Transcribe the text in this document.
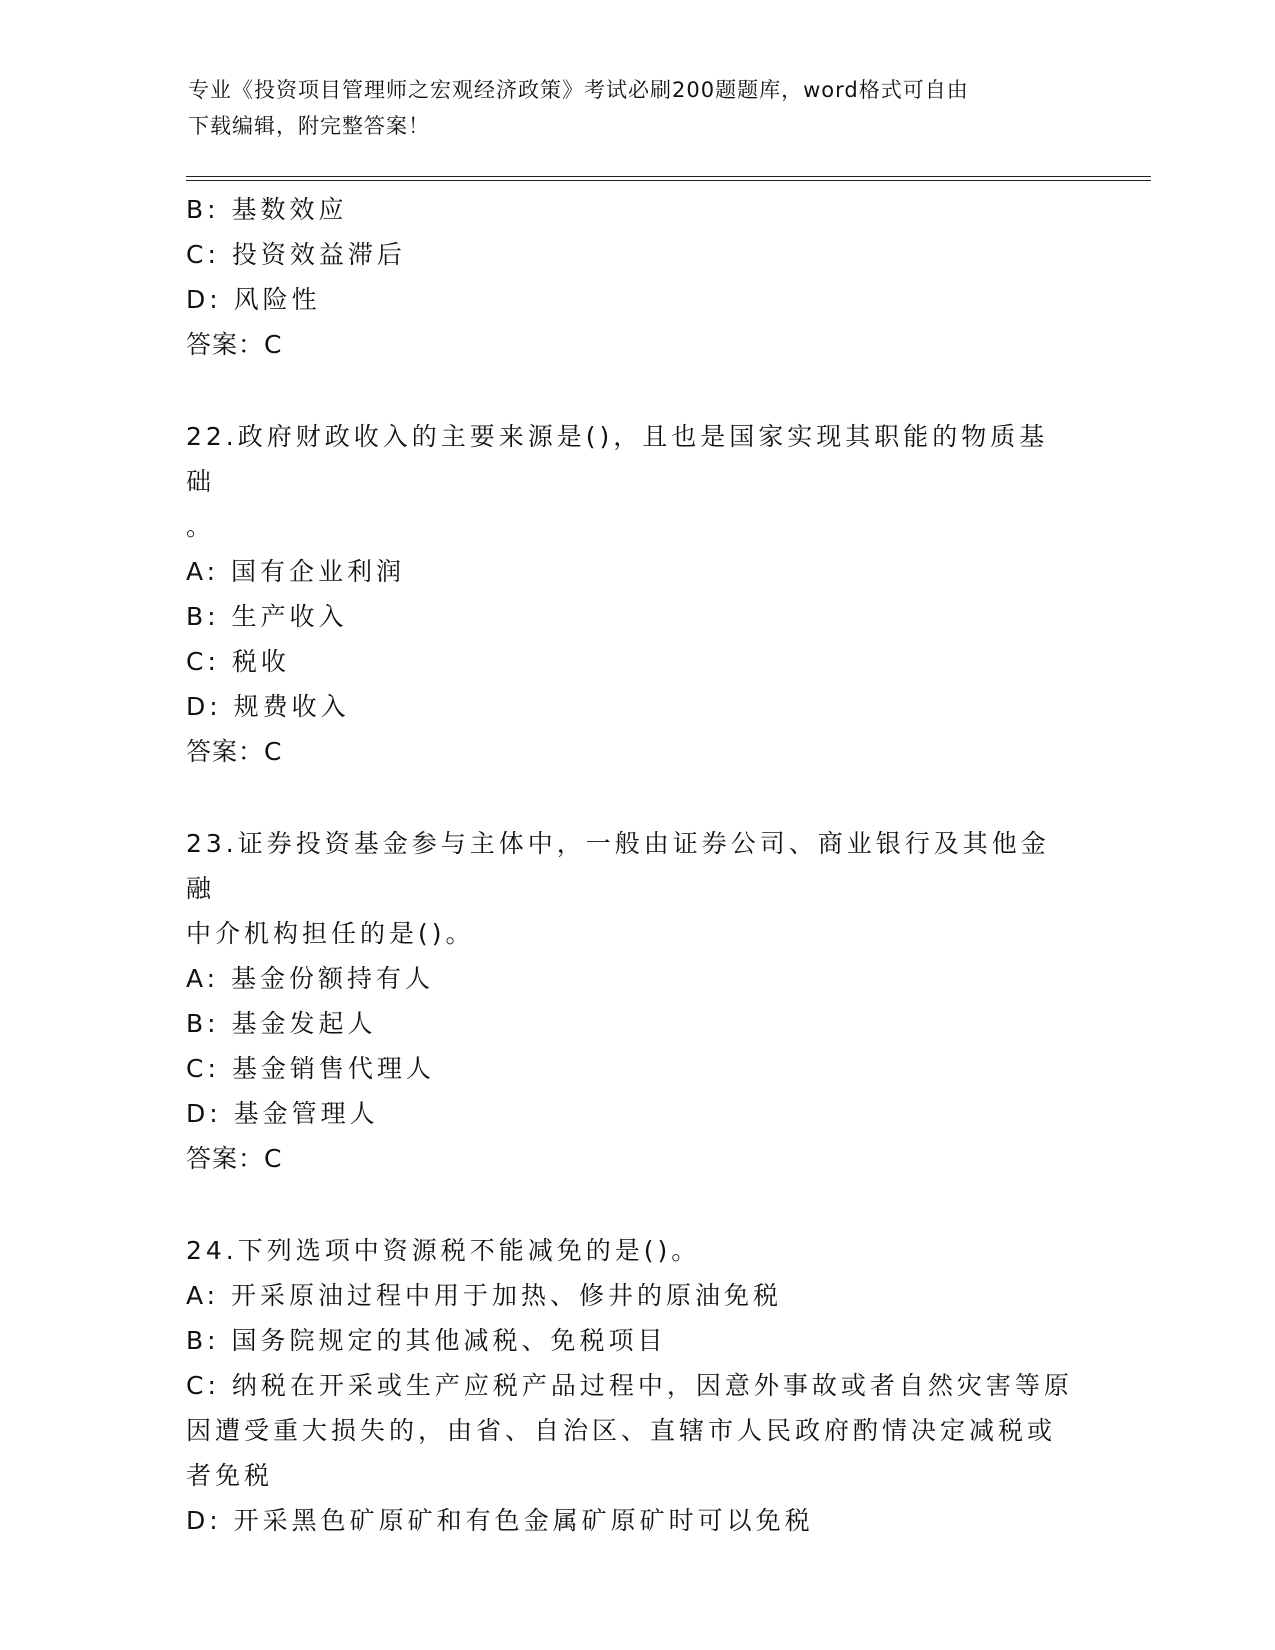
专业《投资项目管理师之宏观经济政策》考试必刷200题题库，word格式可自由
下载编辑，附完整答案！

B: 基数效应

C: 投资效益滞后

D: 风险性

答案：C

22.政府财政收入的主要来源是()，且也是国家实现其职能的物质基础

。

A: 国有企业利润

B: 生产收入

C: 税收

D: 规费收入

答案：C

23.证券投资基金参与主体中，一般由证券公司、商业银行及其他金融

中介机构担任的是()。

A: 基金份额持有人

B: 基金发起人

C: 基金销售代理人

D: 基金管理人

答案：C

24.下列选项中资源税不能减免的是()。

A: 开采原油过程中用于加热、修井的原油免税

B: 国务院规定的其他减税、免税项目

C: 纳税在开采或生产应税产品过程中，因意外事故或者自然灾害等原

因遭受重大损失的，由省、自治区、直辖市人民政府酌情决定减税或

者免税

D: 开采黑色矿原矿和有色金属矿原矿时可以免税
